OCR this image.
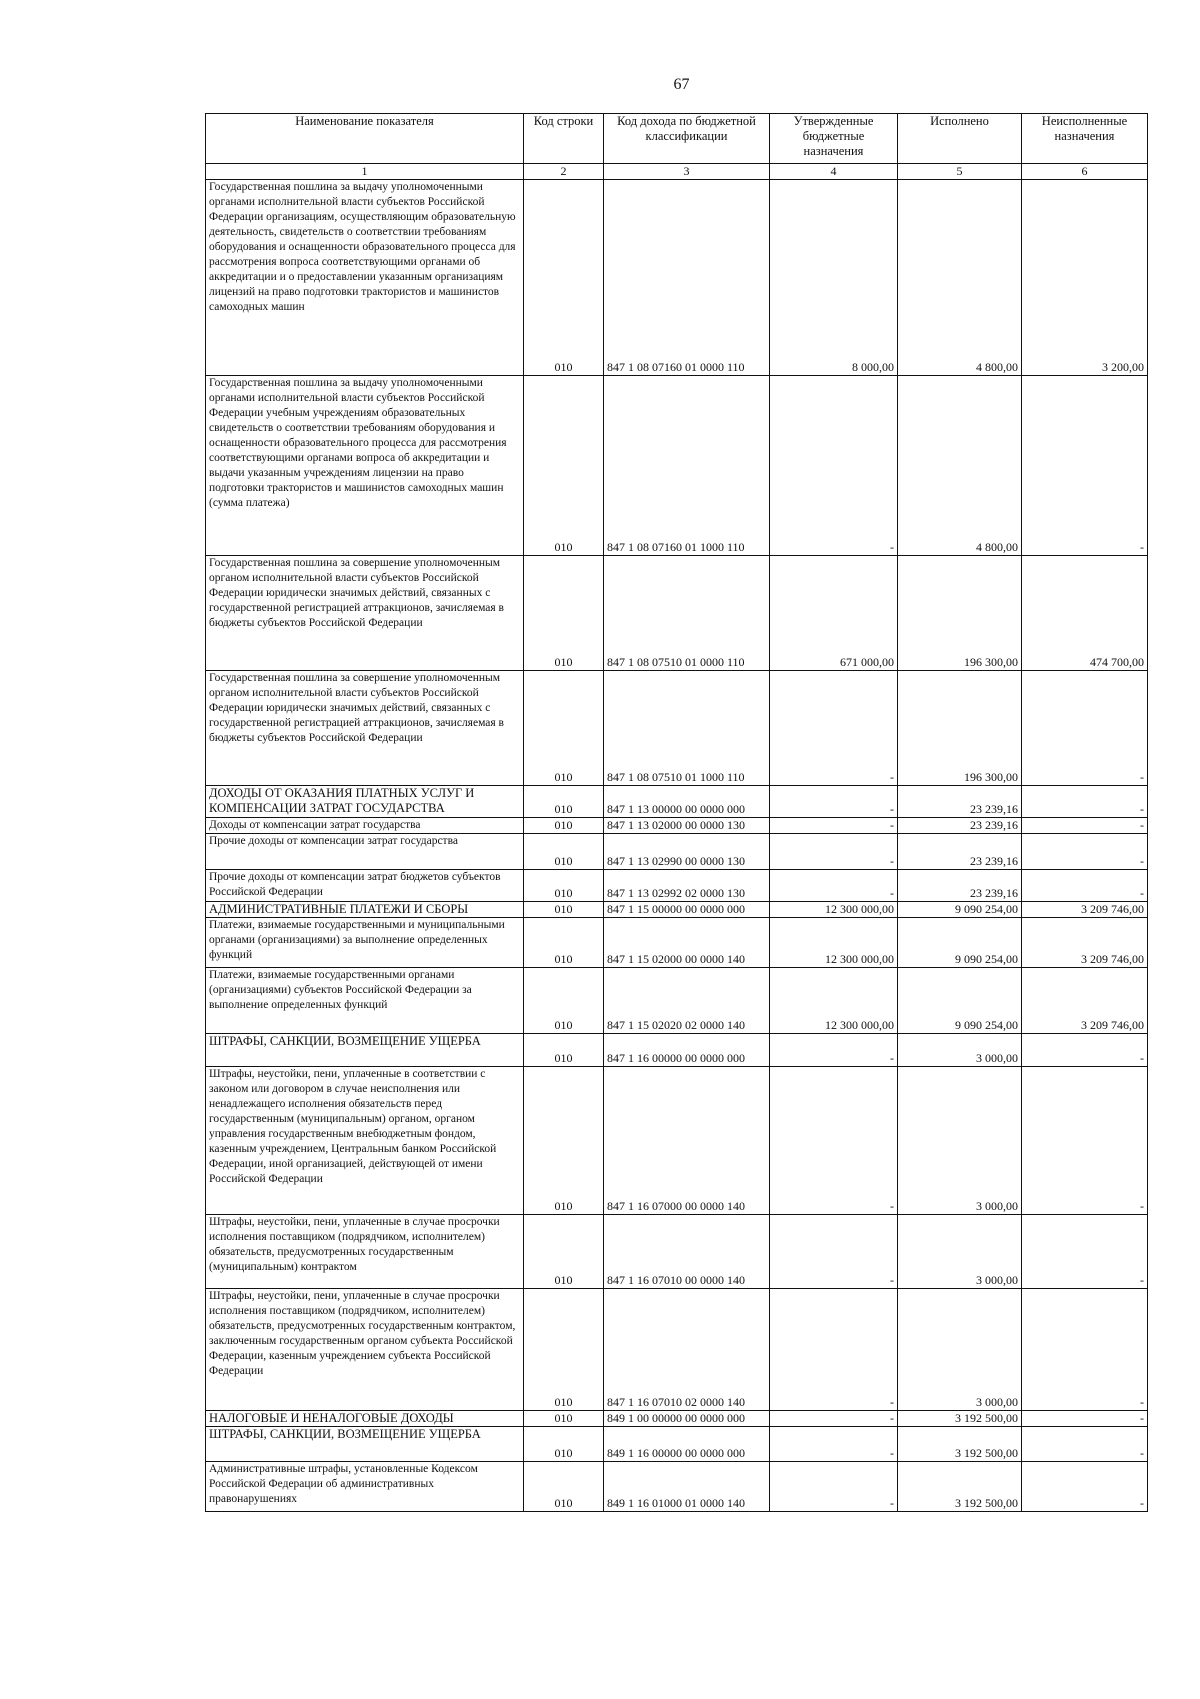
67
Наименование показателя	Код строки	Код дохода по бюджетной классификации	Утвержденные бюджетные назначения	Исполнено	Неисполненные назначения
1	2	3	4	5	6
Государственная пошлина за выдачу уполномоченными органами исполнительной власти субъектов Российской Федерации организациям, осуществляющим образовательную деятельность, свидетельств о соответствии требованиям оборудования и оснащенности образовательного процесса для рассмотрения вопроса соответствующими органами об аккредитации и о предоставлении указанным организациям лицензий на право подготовки трактористов и машинистов самоходных машин	010	847 1 08 07160 01 0000 110	8 000,00	4 800,00	3 200,00
Государственная пошлина за выдачу уполномоченными органами исполнительной власти субъектов Российской Федерации учебным учреждениям образовательных свидетельств о соответствии требованиям оборудования и оснащенности образовательного процесса для рассмотрения соответствующими органами вопроса об аккредитации и выдачи указанным учреждениям лицензии на право подготовки трактористов и машинистов самоходных машин (сумма платежа)	010	847 1 08 07160 01 1000 110	-	4 800,00	-
Государственная пошлина за совершение уполномоченным органом исполнительной власти субъектов Российской Федерации юридически значимых действий, связанных с государственной регистрацией аттракционов, зачисляемая в бюджеты субъектов Российской Федерации	010	847 1 08 07510 01 0000 110	671 000,00	196 300,00	474 700,00
Государственная пошлина за совершение уполномоченным органом исполнительной власти субъектов Российской Федерации юридически значимых действий, связанных с государственной регистрацией аттракционов, зачисляемая в бюджеты субъектов Российской Федерации	010	847 1 08 07510 01 1000 110	-	196 300,00	-
ДОХОДЫ ОТ ОКАЗАНИЯ ПЛАТНЫХ УСЛУГ И КОМПЕНСАЦИИ ЗАТРАТ ГОСУДАРСТВА	010	847 1 13 00000 00 0000 000	-	23 239,16	-
Доходы от компенсации затрат государства	010	847 1 13 02000 00 0000 130	-	23 239,16	-
Прочие доходы от компенсации затрат государства	010	847 1 13 02990 00 0000 130	-	23 239,16	-
Прочие доходы от компенсации затрат бюджетов субъектов Российской Федерации	010	847 1 13 02992 02 0000 130	-	23 239,16	-
АДМИНИСТРАТИВНЫЕ ПЛАТЕЖИ И СБОРЫ	010	847 1 15 00000 00 0000 000	12 300 000,00	9 090 254,00	3 209 746,00
Платежи, взимаемые государственными и муниципальными органами (организациями) за выполнение определенных функций	010	847 1 15 02000 00 0000 140	12 300 000,00	9 090 254,00	3 209 746,00
Платежи, взимаемые государственными органами (организациями) субъектов Российской Федерации за выполнение определенных функций	010	847 1 15 02020 02 0000 140	12 300 000,00	9 090 254,00	3 209 746,00
ШТРАФЫ, САНКЦИИ, ВОЗМЕЩЕНИЕ УЩЕРБА	010	847 1 16 00000 00 0000 000	-	3 000,00	-
Штрафы, неустойки, пени, уплаченные в соответствии с законом или договором в случае неисполнения или ненадлежащего исполнения обязательств перед государственным (муниципальным) органом, органом управления государственным внебюджетным фондом, казенным учреждением, Центральным банком Российской Федерации, иной организацией, действующей от имени Российской Федерации	010	847 1 16 07000 00 0000 140	-	3 000,00	-
Штрафы, неустойки, пени, уплаченные в случае просрочки исполнения поставщиком (подрядчиком, исполнителем) обязательств, предусмотренных государственным (муниципальным) контрактом	010	847 1 16 07010 00 0000 140	-	3 000,00	-
Штрафы, неустойки, пени, уплаченные в случае просрочки исполнения поставщиком (подрядчиком, исполнителем) обязательств, предусмотренных государственным контрактом, заключенным государственным органом субъекта Российской Федерации, казенным учреждением субъекта Российской Федерации	010	847 1 16 07010 02 0000 140	-	3 000,00	-
НАЛОГОВЫЕ И НЕНАЛОГОВЫЕ ДОХОДЫ	010	849 1 00 00000 00 0000 000	-	3 192 500,00	-
ШТРАФЫ, САНКЦИИ, ВОЗМЕЩЕНИЕ УЩЕРБА	010	849 1 16 00000 00 0000 000	-	3 192 500,00	-
Административные штрафы, установленные Кодексом Российской Федерации об административных правонарушениях	010	849 1 16 01000 01 0000 140	-	3 192 500,00	-
